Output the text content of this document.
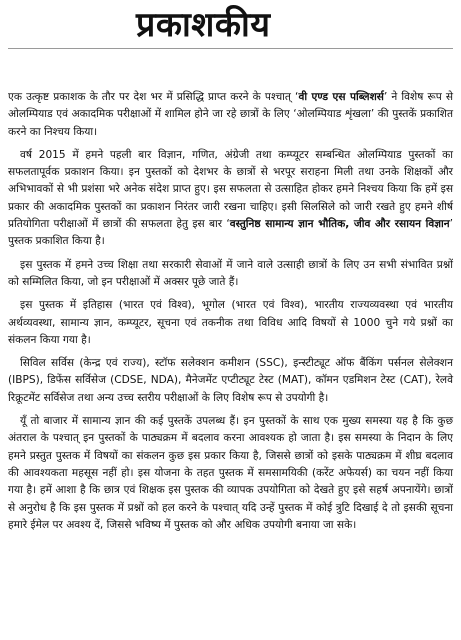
प्रकाशकीय

एक उत्कृष्ट प्रकाशक के तौर पर देश भर में प्रसिद्धि प्राप्त करने के पश्चात् ‘वी एण्ड एस पब्लिशर्स’ ने विशेष रूप से ओलम्पियाड एवं अकादमिक परीक्षाओं में शामिल होने जा रहे छात्रों के लिए ‘ओलम्पियाड शृंखला’ की पुस्तकें प्रकाशित करने का निश्चय किया।

वर्ष 2015 में हमने पहली बार विज्ञान, गणित, अंग्रेजी तथा कम्प्यूटर सम्बन्धित ओलम्पियाड पुस्तकों का सफलतापूर्वक प्रकाशन किया। इन पुस्तकों को देशभर के छात्रों से भरपूर सराहना मिली तथा उनके शिक्षकों और अभिभावकों से भी प्रशंसा भरे अनेक संदेश प्राप्त हुए। इस सफलता से उत्साहित होकर हमने निश्चय किया कि हमें इस प्रकार की अकादमिक पुस्तकों का प्रकाशन निरंतर जारी रखना चाहिए। इसी सिलसिले को जारी रखते हुए हमने शीर्ष प्रतियोगिता परीक्षाओं में छात्रों की सफलता हेतु इस बार ‘वस्तुनिष्ठ सामान्य ज्ञान भौतिक, जीव और रसायन विज्ञान’ पुस्तक प्रकाशित किया है।

इस पुस्तक में हमने उच्च शिक्षा तथा सरकारी सेवाओं में जाने वाले उत्साही छात्रों के लिए उन सभी संभावित प्रश्नों को सम्मिलित किया, जो इन परीक्षाओं में अक्सर पूछे जाते हैं।

इस पुस्तक में इतिहास (भारत एवं विश्व), भूगोल (भारत एवं विश्व), भारतीय राज्यव्यवस्था एवं भारतीय अर्थव्यवस्था, सामान्य ज्ञान, कम्प्यूटर, सूचना एवं तकनीक तथा विविध आदि विषयों से 1000 चुने गये प्रश्नों का संकलन किया गया है।

सिविल सर्विस (केन्द्र एवं राज्य), स्टॉफ सलेक्शन कमीशन (SSC), इन्स्टीट्यूट ऑफ बैंकिंग पर्सनल सेलेक्शन (IBPS), डिफेंस सर्विसेज (CDSE, NDA), मैनेजमेंट एप्टीट्यूट टेस्ट (MAT), कॉमन एडमिशन टेस्ट (CAT), रेलवे रिक्रूटमेंट सर्विसेज तथा अन्य उच्च स्तरीय परीक्षाओं के लिए विशेष रूप से उपयोगी है।

यूँ तो बाजार में सामान्य ज्ञान की कई पुस्तकें उपलब्ध हैं। इन पुस्तकों के साथ एक मुख्य समस्या यह है कि कुछ अंतराल के पश्चात् इन पुस्तकों के पाठ्यक्रम में बदलाव करना आवश्यक हो जाता है। इस समस्या के निदान के लिए हमने प्रस्तुत पुस्तक में विषयों का संकलन कुछ इस प्रकार किया है, जिससे छात्रों को इसके पाठ्यक्रम में शीघ्र बदलाव की आवश्यकता महसूस नहीं हो। इस योजना के तहत पुस्तक में समसामयिकी (करेंट अफेयर्स) का चयन नहीं किया गया है। हमें आशा है कि छात्र एवं शिक्षक इस पुस्तक की व्यापक उपयोगिता को देखते हुए इसे सहर्ष अपनायेंगे। छात्रों से अनुरोध है कि इस पुस्तक में प्रश्नों को हल करने के पश्चात् यदि उन्हें पुस्तक में कोई त्रुटि दिखाई दे तो इसकी सूचना हमारे ईमेल पर अवश्य दें, जिससे भविष्य में पुस्तक को और अधिक उपयोगी बनाया जा सके।
